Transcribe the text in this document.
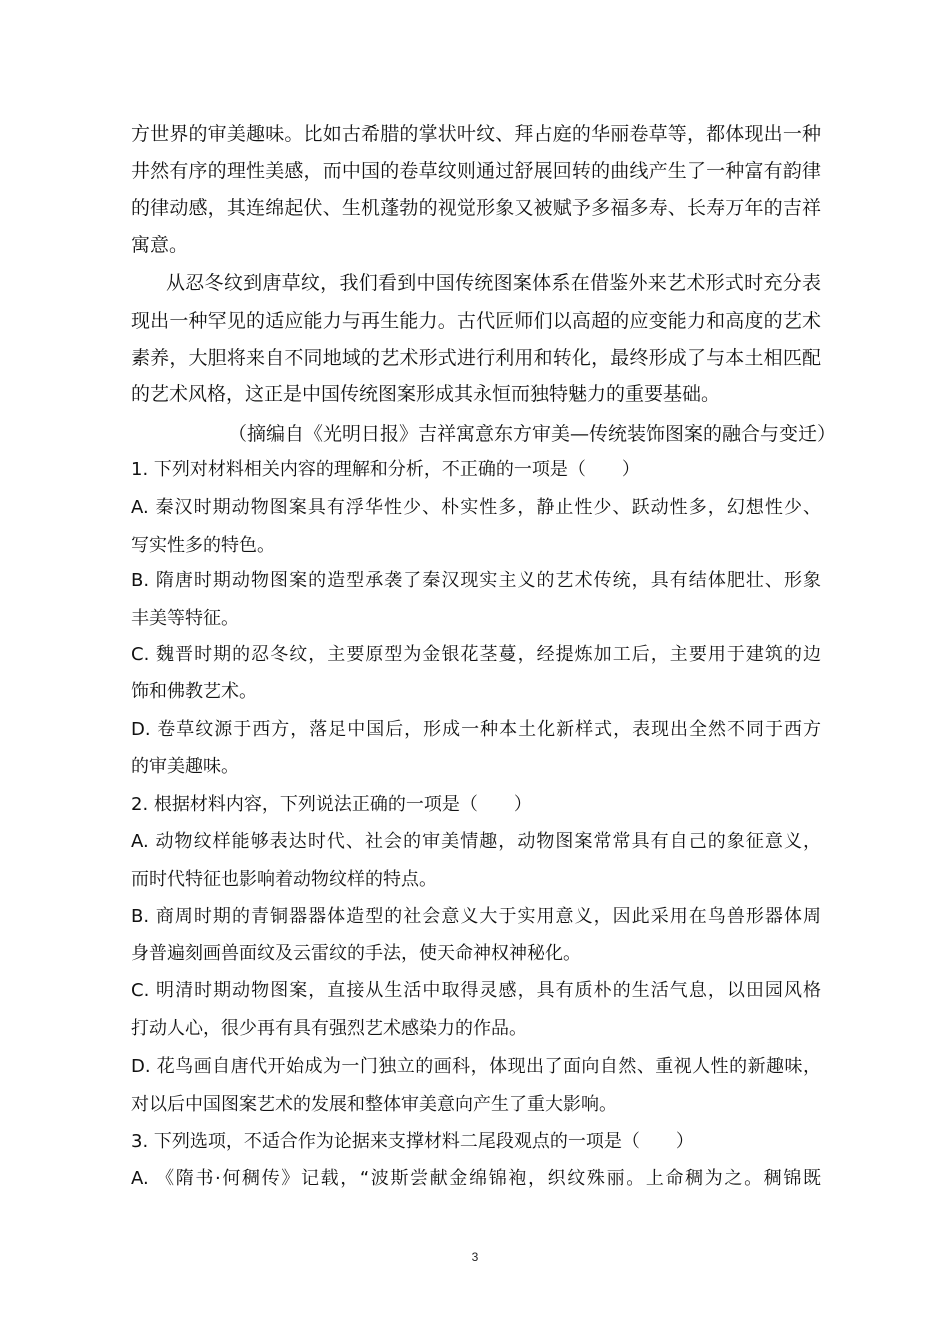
方世界的审美趣味。比如古希腊的掌状叶纹、拜占庭的华丽卷草等，都体现出一种
井然有序的理性美感，而中国的卷草纹则通过舒展回转的曲线产生了一种富有韵律
的律动感，其连绵起伏、生机蓬勃的视觉形象又被赋予多福多寿、长寿万年的吉祥
寓意。
从忍冬纹到唐草纹，我们看到中国传统图案体系在借鉴外来艺术形式时充分表
现出一种罕见的适应能力与再生能力。古代匠师们以高超的应变能力和高度的艺术
素养，大胆将来自不同地域的艺术形式进行利用和转化，最终形成了与本土相匹配
的艺术风格，这正是中国传统图案形成其永恒而独特魅力的重要基础。
（摘编自《光明日报》吉祥寓意东方审美—传统装饰图案的融合与变迁）
1. 下列对材料相关内容的理解和分析，不正确的一项是（　　）
A. 秦汉时期动物图案具有浮华性少、朴实性多，静止性少、跃动性多，幻想性少、
写实性多的特色。
B. 隋唐时期动物图案的造型承袭了秦汉现实主义的艺术传统，具有结体肥壮、形象
丰美等特征。
C. 魏晋时期的忍冬纹，主要原型为金银花茎蔓，经提炼加工后，主要用于建筑的边
饰和佛教艺术。
D. 卷草纹源于西方，落足中国后，形成一种本土化新样式，表现出全然不同于西方
的审美趣味。
2. 根据材料内容，下列说法正确的一项是（　　）
A. 动物纹样能够表达时代、社会的审美情趣，动物图案常常具有自己的象征意义，
而时代特征也影响着动物纹样的特点。
B. 商周时期的青铜器器体造型的社会意义大于实用意义，因此采用在鸟兽形器体周
身普遍刻画兽面纹及云雷纹的手法，使天命神权神秘化。
C. 明清时期动物图案，直接从生活中取得灵感，具有质朴的生活气息，以田园风格
打动人心，很少再有具有强烈艺术感染力的作品。
D. 花鸟画自唐代开始成为一门独立的画科，体现出了面向自然、重视人性的新趣味，
对以后中国图案艺术的发展和整体审美意向产生了重大影响。
3. 下列选项，不适合作为论据来支撑材料二尾段观点的一项是（　　）
A. 《隋书·何稠传》记载，“波斯尝献金绵锦袍，织纹殊丽。上命稠为之。稠锦既
3
